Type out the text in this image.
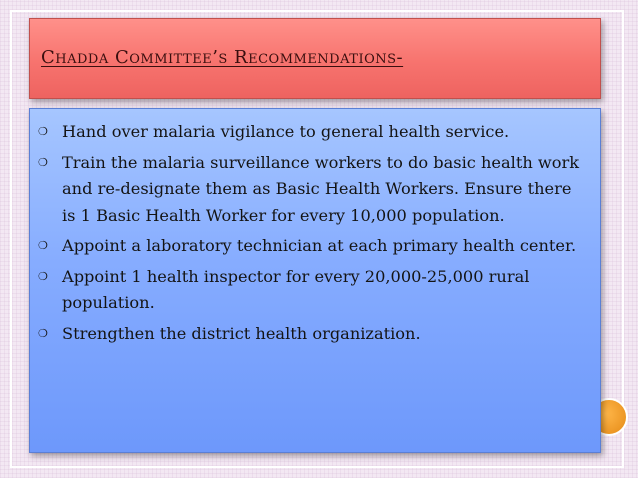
Chadda Committee’s Recommendations-
❍ Hand over malaria vigilance to general health service.
❍ Train the malaria surveillance workers to do basic health work and re-designate them as Basic Health Workers. Ensure there is 1 Basic Health Worker for every 10,000 population.
❍ Appoint a laboratory technician at each primary health center.
❍ Appoint 1 health inspector for every 20,000-25,000 rural population.
❍ Strengthen the district health organization.
